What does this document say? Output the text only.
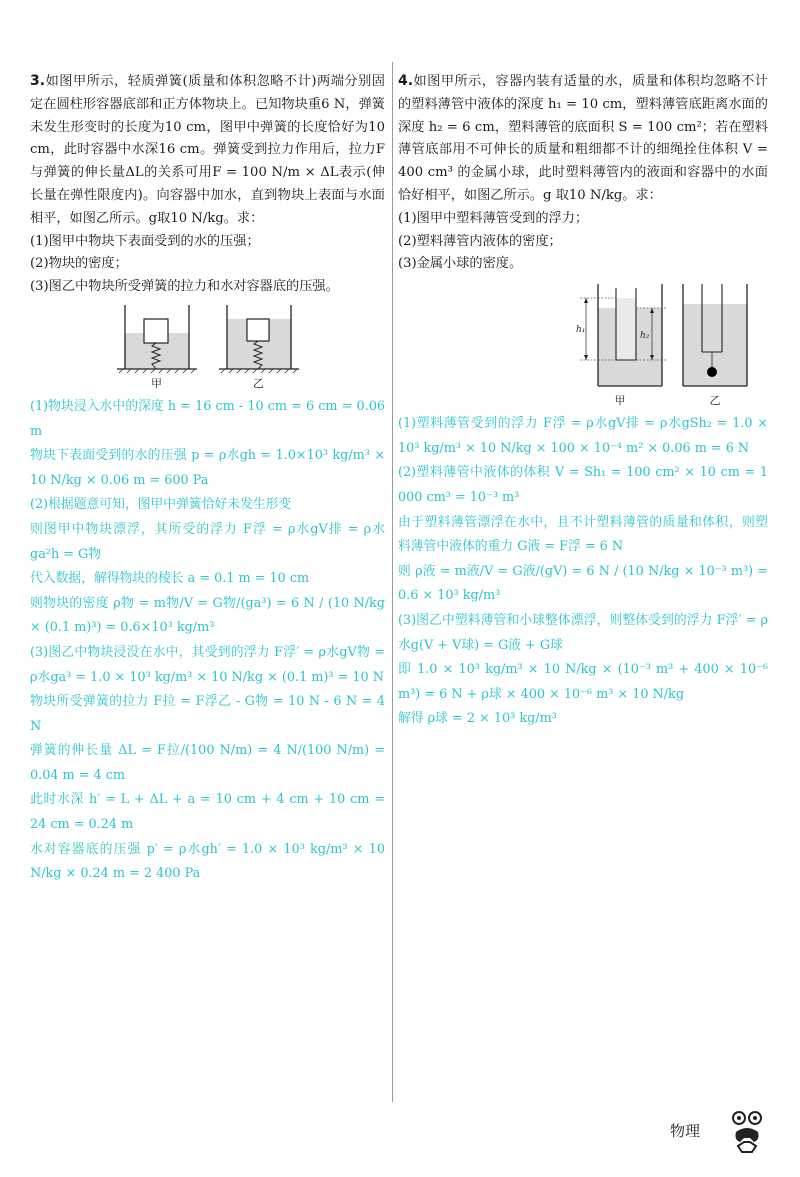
3.如图甲所示，轻质弹簧(质量和体积忽略不计)两端分别固定在圆柱形容器底部和正方体物块上。已知物块重6 N，弹簧未发生形变时的长度为10 cm，图甲中弹簧的长度恰好为10 cm，此时容器中水深16 cm。弹簧受到拉力作用后，拉力F与弹簧的伸长量ΔL的关系可用F = 100 N/m × ΔL表示(伸长量在弹性限度内)。向容器中加水，直到物块上表面与水面相平，如图乙所示。g取10 N/kg。求：

(1)图甲中物块下表面受到的水的压强；
(2)物块的密度；
(3)图乙中物块所受弹簧的拉力和水对容器底的压强。
甲	乙

(1)物块浸入水中的深度 h = 16 cm - 10 cm = 6 cm = 0.06 m

物块下表面受到的水的压强 p = ρ水gh = 1.0×10³ kg/m³ × 10 N/kg × 0.06 m = 600 Pa

(2)根据题意可知，图甲中弹簧恰好未发生形变

则图甲中物块漂浮，其所受的浮力 F浮 = ρ水gV排 = ρ水ga²h = G物

代入数据，解得物块的棱长 a = 0.1 m = 10 cm

则物块的密度 ρ物 = m物/V = G物/(ga³) = 6 N / (10 N/kg × (0.1 m)³) = 0.6×10³ kg/m³

(3)图乙中物块浸没在水中，其受到的浮力 F浮′ = ρ水gV物 = ρ水ga³ = 1.0 × 10³ kg/m³ × 10 N/kg × (0.1 m)³ = 10 N

物块所受弹簧的拉力 F拉 = F浮乙 - G物 = 10 N - 6 N = 4 N

弹簧的伸长量 ΔL = F拉/(100 N/m) = 4 N/(100 N/m) = 0.04 m = 4 cm

此时水深 h′ = L + ΔL + a = 10 cm + 4 cm + 10 cm = 24 cm = 0.24 m

水对容器底的压强 p′ = ρ水gh′ = 1.0 × 10³ kg/m³ × 10 N/kg × 0.24 m = 2 400 Pa

4.如图甲所示，容器内装有适量的水，质量和体积均忽略不计的塑料薄管中液体的深度 h₁ = 10 cm，塑料薄管底距离水面的深度 h₂ = 6 cm，塑料薄管的底面积 S = 100 cm²；若在塑料薄管底部用不可伸长的质量和粗细都不计的细绳拴住体积 V = 400 cm³ 的金属小球，此时塑料薄管内的液面和容器中的水面恰好相平，如图乙所示。g 取10 N/kg。求：

(1)图甲中塑料薄管受到的浮力；
(2)塑料薄管内液体的密度；
(3)金属小球的密度。
h₁
h₂
甲	乙

(1)塑料薄管受到的浮力 F浮 = ρ水gV排 = ρ水gSh₂ = 1.0 × 10³ kg/m³ × 10 N/kg × 100 × 10⁻⁴ m² × 0.06 m = 6 N

(2)塑料薄管中液体的体积 V = Sh₁ = 100 cm² × 10 cm = 1 000 cm³ = 10⁻³ m³

由于塑料薄管漂浮在水中，且不计塑料薄管的质量和体积，则塑料薄管中液体的重力 G液 = F浮 = 6 N

则 ρ液 = m液/V = G液/(gV) = 6 N / (10 N/kg × 10⁻³ m³) = 0.6 × 10³ kg/m³

(3)图乙中塑料薄管和小球整体漂浮，则整体受到的浮力 F浮′ = ρ水g(V + V球) = G液 + G球

即 1.0 × 10³ kg/m³ × 10 N/kg × (10⁻³ m³ + 400 × 10⁻⁶ m³) = 6 N + ρ球 × 400 × 10⁻⁶ m³ × 10 N/kg

解得 ρ球 = 2 × 10³ kg/m³

物理
